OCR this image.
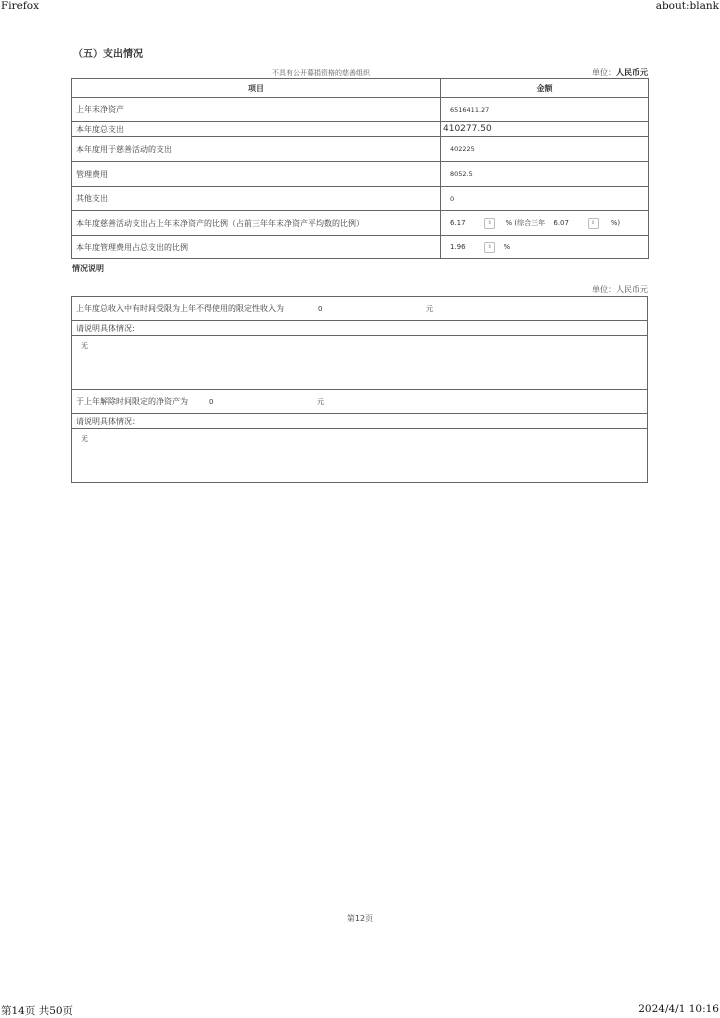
Firefox	about:blank
（五）支出情况
不具有公开募捐资格的慈善组织	单位：人民币元
项目	金额
上年末净资产	6516411.27
本年度总支出	410277.50
本年度用于慈善活动的支出	402225
管理费用	8052.5
其他支出	0
本年度慈善活动支出占上年末净资产的比例（占前三年年末净资产平均数的比例）	6.17 ⇕ % (综合三年 6.07 ⇕ %)
本年度管理费用占总支出的比例	1.96 ⇕ %
情况说明
单位：人民币元
上年度总收入中有时间受限为上年不得使用的限定性收入为	0	元
请说明具体情况:
无
于上年解除时间限定的净资产为	0	元
请说明具体情况：
无
第12页
第14页 共50页	2024/4/1 10:16
